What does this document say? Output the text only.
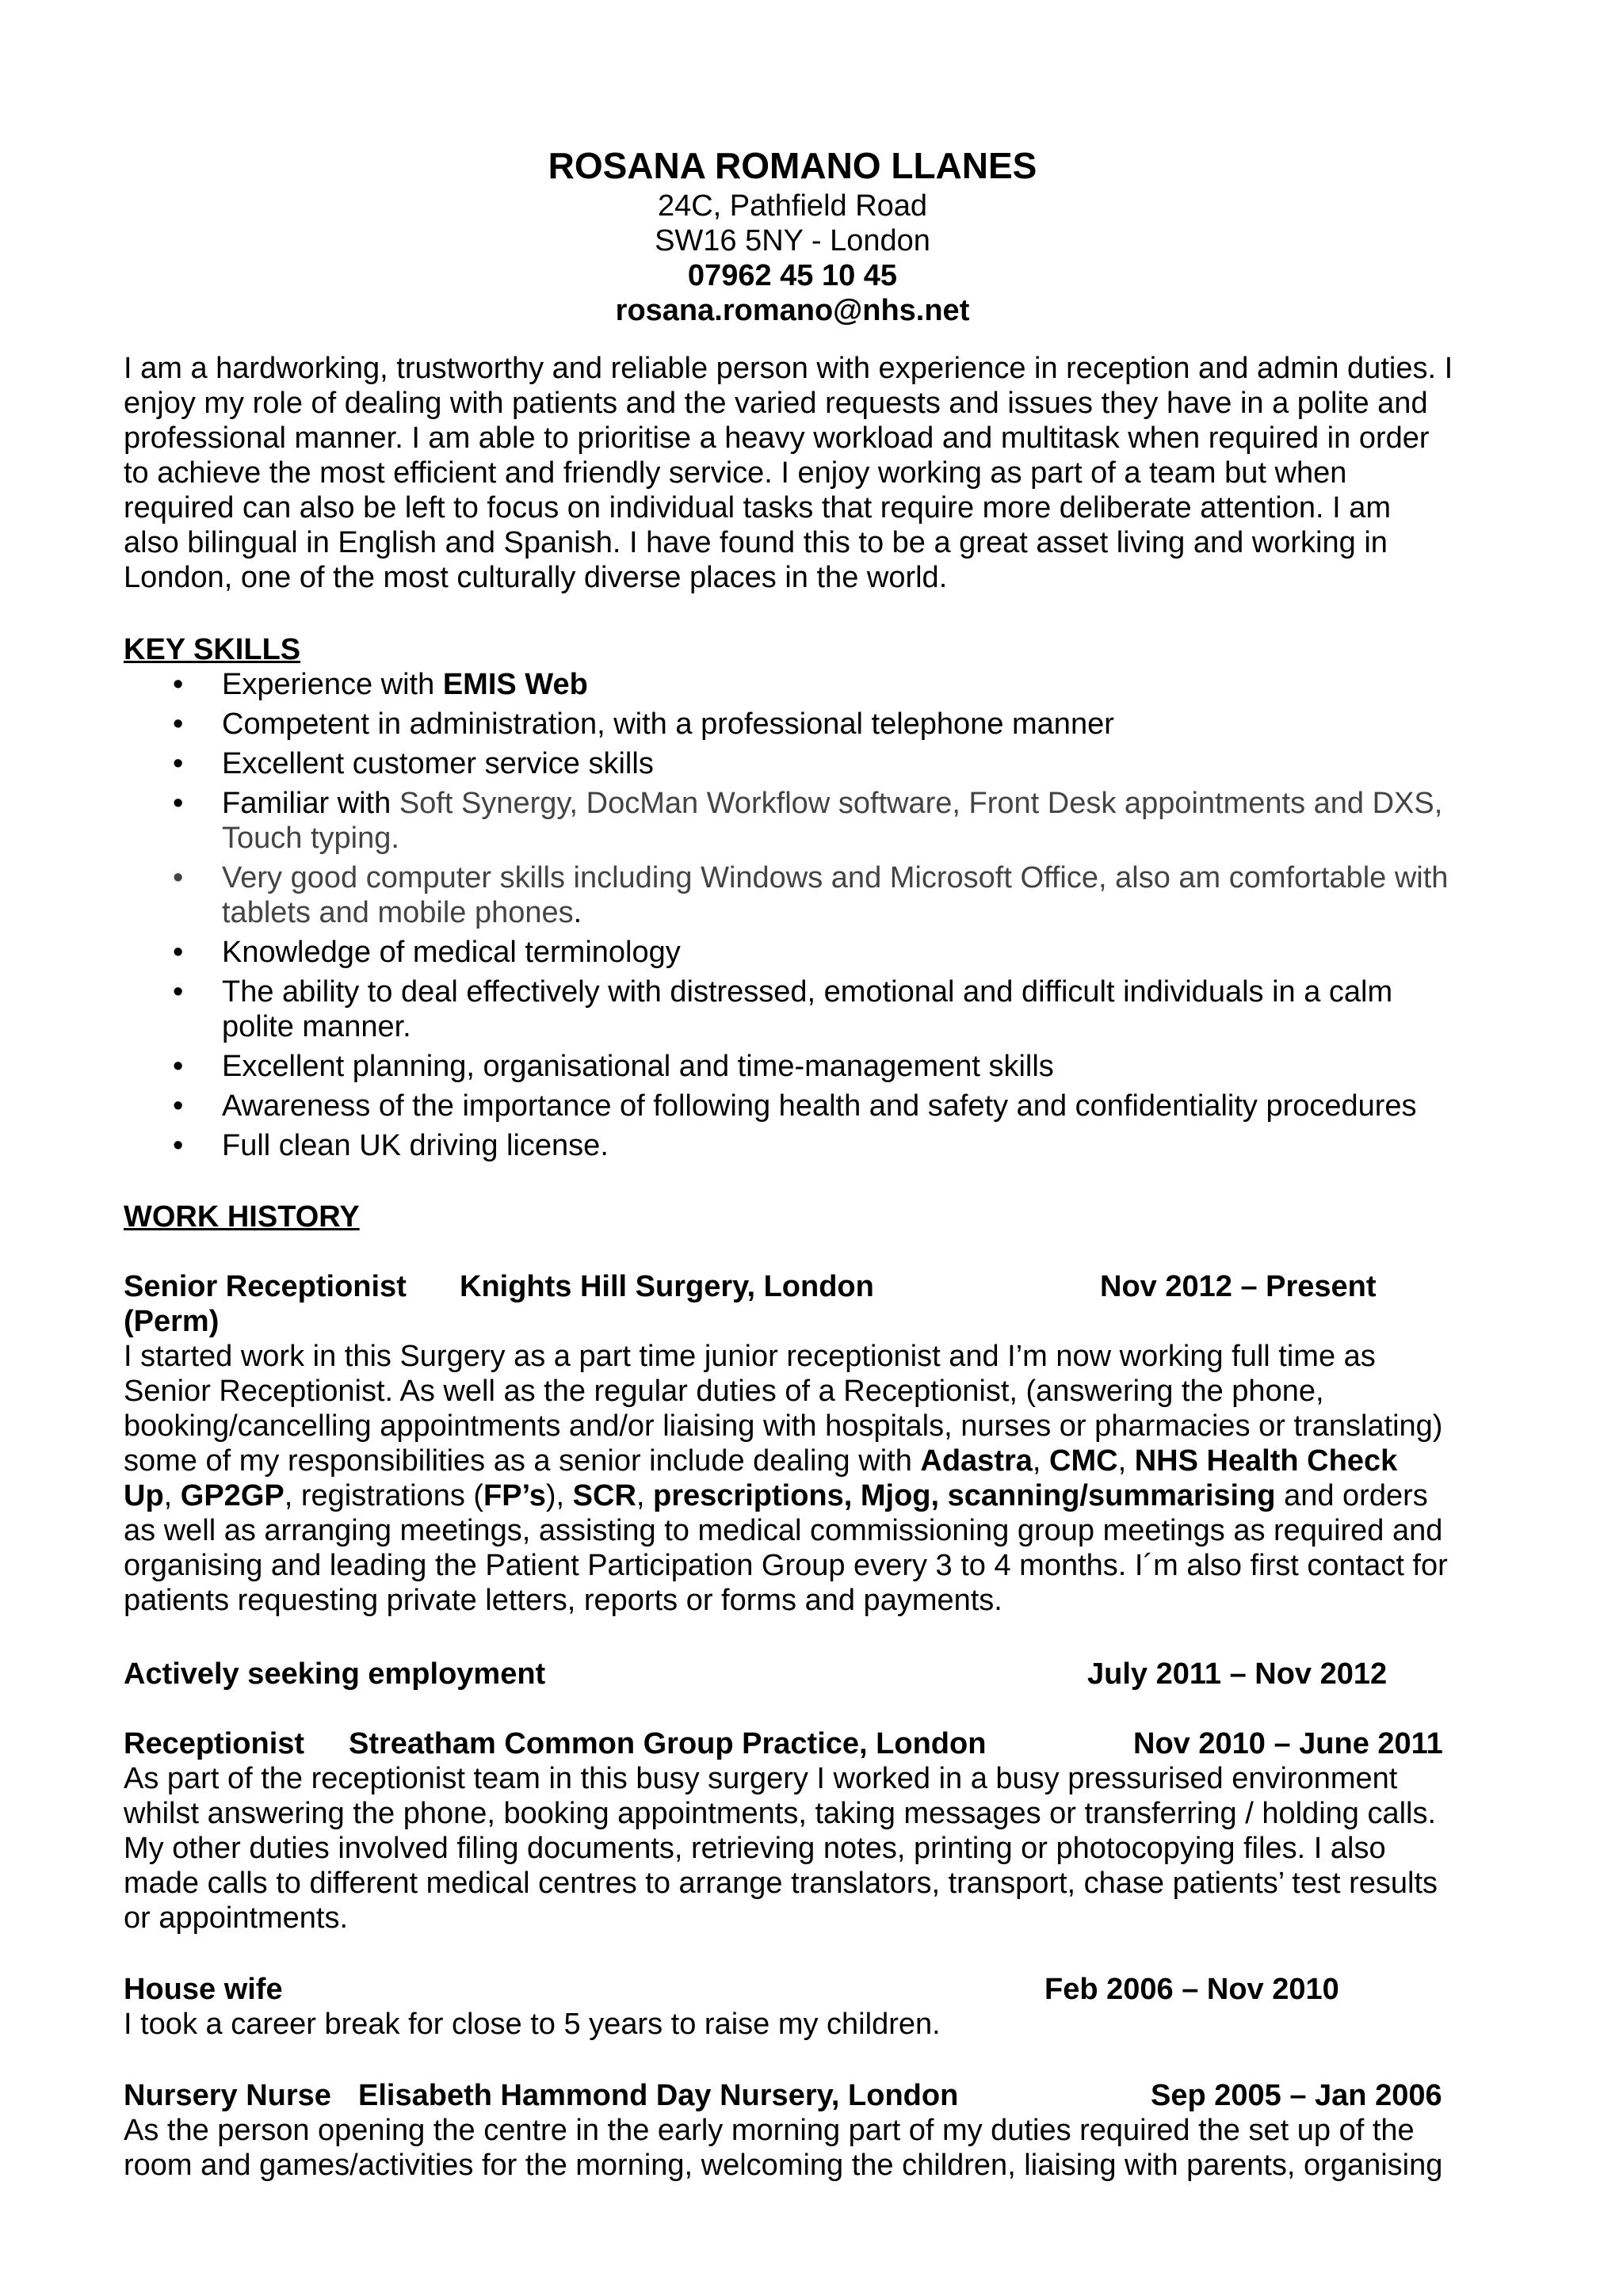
ROSANA ROMANO LLANES
24C, Pathfield Road
SW16 5NY - London
07962 45 10 45
rosana.romano@nhs.net

I am a hardworking, trustworthy and reliable person with experience in reception and admin duties. I
enjoy my role of dealing with patients and the varied requests and issues they have in a polite and
professional manner. I am able to prioritise a heavy workload and multitask when required in order
to achieve the most efficient and friendly service. I enjoy working as part of a team but when
required can also be left to focus on individual tasks that require more deliberate attention. I am
also bilingual in English and Spanish. I have found this to be a great asset living and working in
London, one of the most culturally diverse places in the world.

KEY SKILLS

• Experience with EMIS Web
• Competent in administration, with a professional telephone manner
• Excellent customer service skills
• Familiar with Soft Synergy, DocMan Workflow software, Front Desk appointments and DXS,
Touch typing.
• Very good computer skills including Windows and Microsoft Office, also am comfortable with
tablets and mobile phones.
• Knowledge of medical terminology
• The ability to deal effectively with distressed, emotional and difficult individuals in a calm
polite manner.
• Excellent planning, organisational and time-management skills
• Awareness of the importance of following health and safety and confidentiality procedures
• Full clean UK driving license.

WORK HISTORY

Senior Receptionist Knights Hill Surgery, London	Nov 2012 – Present

(Perm)

I started work in this Surgery as a part time junior receptionist and I’m now working full time as
Senior Receptionist. As well as the regular duties of a Receptionist, (answering the phone,
booking/cancelling appointments and/or liaising with hospitals, nurses or pharmacies or translating)
some of my responsibilities as a senior include dealing with Adastra, CMC, NHS Health Check
Up, GP2GP, registrations (FP’s), SCR, prescriptions, Mjog, scanning/summarising and orders
as well as arranging meetings, assisting to medical commissioning group meetings as required and
organising and leading the Patient Participation Group every 3 to 4 months. I´m also first contact for
patients requesting private letters, reports or forms and payments.

Actively seeking employment	July 2011 – Nov 2012
Receptionist Streatham Common Group Practice, London	Nov 2010 – June 2011

As part of the receptionist team in this busy surgery I worked in a busy pressurised environment
whilst answering the phone, booking appointments, taking messages or transferring / holding calls.
My other duties involved filing documents, retrieving notes, printing or photocopying files. I also
made calls to different medical centres to arrange translators, transport, chase patients’ test results
or appointments.

House wife	Feb 2006 – Nov 2010

I took a career break for close to 5 years to raise my children.

Nursery Nurse Elisabeth Hammond Day Nursery, London	Sep 2005 – Jan 2006

As the person opening the centre in the early morning part of my duties required the set up of the
room and games/activities for the morning, welcoming the children, liaising with parents, organising
